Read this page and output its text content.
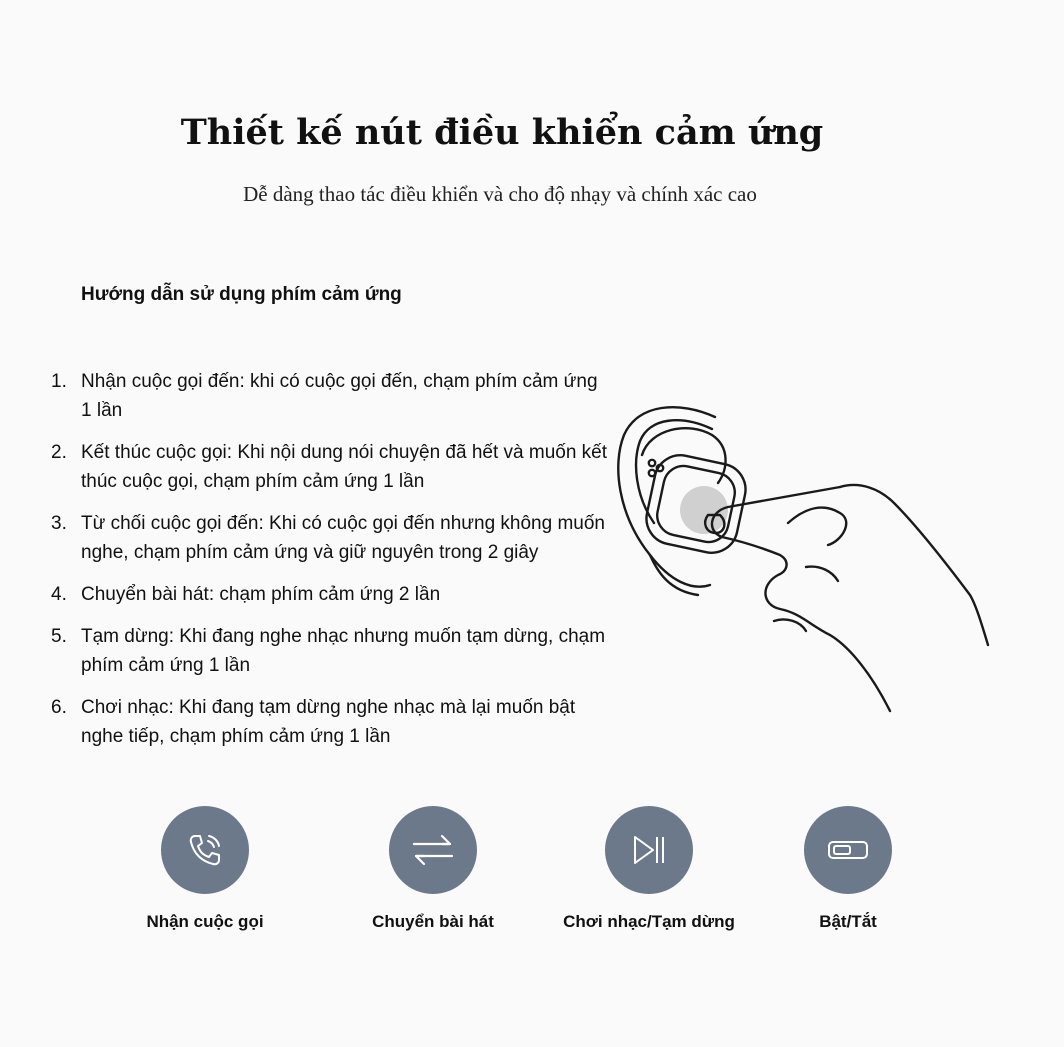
Thiết kế nút điều khiển cảm ứng

Dễ dàng thao tác điều khiển và cho độ nhạy và chính xác cao

Hướng dẫn sử dụng phím cảm ứng
1. Nhận cuộc gọi đến: khi có cuộc gọi đến, chạm phím cảm ứng 1 lần
2. Kết thúc cuộc gọi: Khi nội dung nói chuyện đã hết và muốn kết thúc cuộc gọi, chạm phím cảm ứng 1 lần
3. Từ chối cuộc gọi đến: Khi có cuộc gọi đến nhưng không muốn nghe, chạm phím cảm ứng và giữ nguyên trong 2 giây
4. Chuyển bài hát: chạm phím cảm ứng 2 lần
5. Tạm dừng: Khi đang nghe nhạc nhưng muốn tạm dừng, chạm phím cảm ứng 1 lần
6. Chơi nhạc: Khi đang tạm dừng nghe nhạc mà lại muốn bật nghe tiếp, chạm phím cảm ứng 1 lần
Nhận cuộc gọi	Chuyển bài hát	Chơi nhạc/Tạm dừng	Bật/Tắt
